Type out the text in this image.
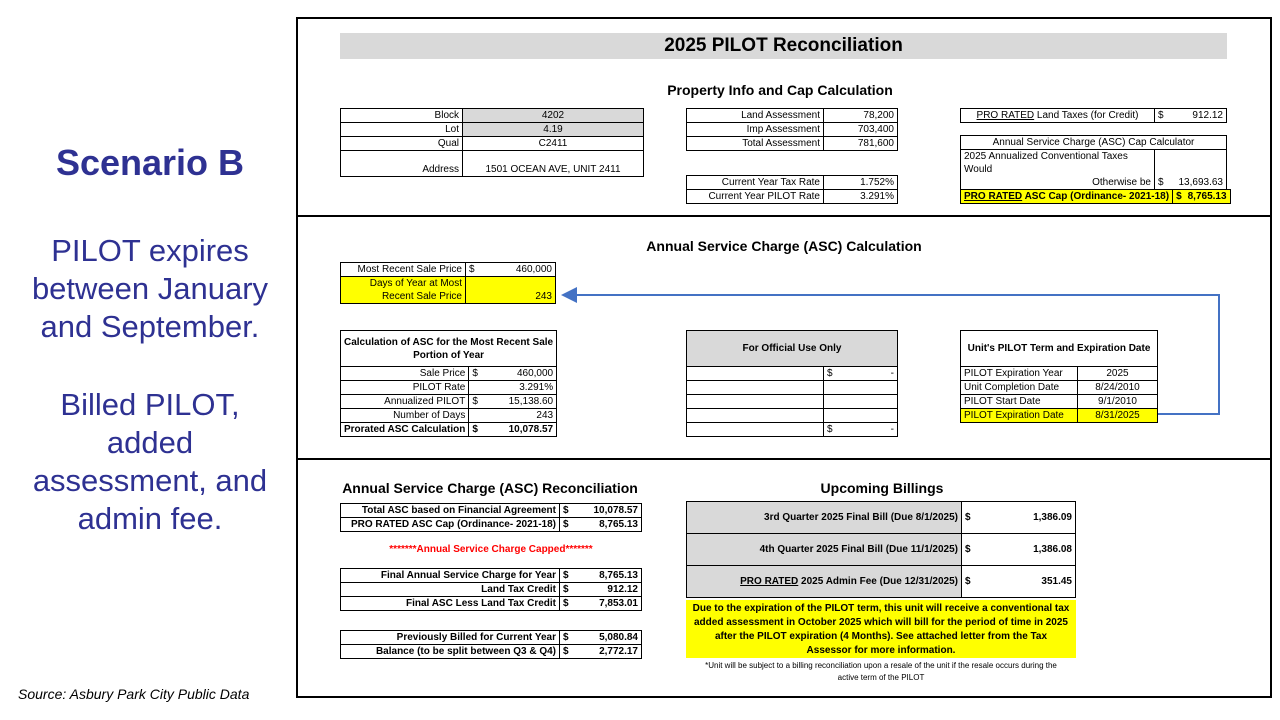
Scenario B
PILOT expires
between January
and September.
Billed PILOT,
added
assessment, and
admin fee.
Source: Asbury Park City Public Data
2025 PILOT Reconciliation
Property Info and Cap Calculation
Annual Service Charge (ASC) Calculation
Annual Service Charge (ASC) Reconciliation	Upcoming Billings
Block	4202
Lot	4.19
Qual	C2411
Address	1501 OCEAN AVE, UNIT 2411
Land Assessment	78,200
Imp Assessment	703,400
Total Assessment	781,600
Current Year Tax Rate	1.752%
Current Year PILOT Rate	3.291%
PRO RATED Land Taxes (for Credit)	$	912.12
Annual Service Charge (ASC) Cap Calculator

2025 Annualized Conventional Taxes Would
Otherwise be	$	13,693.63
PRO RATED ASC Cap (Ordinance- 2021-18)	$	8,765.13
Most Recent Sale Price	$	460,000

Days of Year at Most
Recent Sale Price	243	
Calculation of ASC for the Most Recent Sale
Portion of Year		

Sale Price	$	460,000
PILOT Rate		3.291%
Annualized PILOT	$	15,138.60
Number of Days		243
Prorated ASC Calculation	$	10,078.57
For Official Use Only		
	$	-

	$	-
Unit's PILOT Term and Expiration Date	
PILOT Expiration Year	2025
Unit Completion Date	8/24/2010
PILOT Start Date	9/1/2010
PILOT Expiration Date	8/31/2025
Total ASC based on Financial Agreement	$	10,078.57
PRO RATED ASC Cap (Ordinance- 2021-18)	$	8,765.13
*******Annual Service Charge Capped*******
Final Annual Service Charge for Year	$	8,765.13
Land Tax Credit	$	912.12
Final ASC Less Land Tax Credit	$	7,853.01
Previously Billed for Current Year	$	5,080.84
Balance (to be split between Q3 & Q4)	$	2,772.17
3rd Quarter 2025 Final Bill (Due 8/1/2025)	$	1,386.09
4th Quarter 2025 Final Bill (Due 11/1/2025)	$	1,386.08
PRO RATED 2025 Admin Fee (Due 12/31/2025)	$	351.45
Due to the expiration of the PILOT term, this unit will receive a conventional tax added assessment in October 2025 which will bill for the period of time in 2025 after the PILOT expiration (4 Months). See attached letter from the Tax Assessor for more information.
*Unit will be subject to a billing reconciliation upon a resale of the unit if the resale occurs during the
active term of the PILOT
